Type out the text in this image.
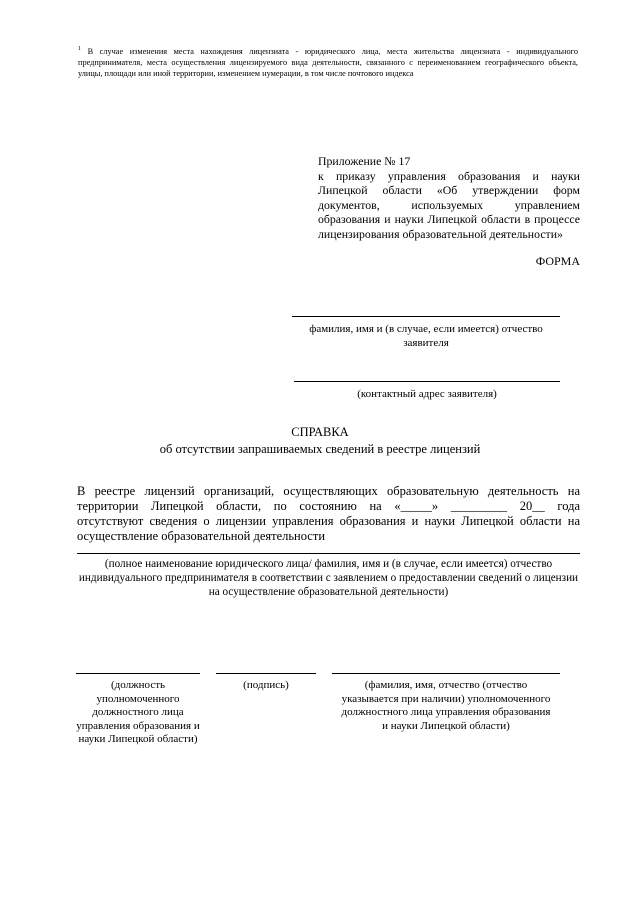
$^1$ В случае изменения места нахождения лицензиата - юридического лица, места жительства лицензиата - индивидуального предпринимателя, места осуществления лицензируемого вида деятельности, связанного с переименованием географического объекта, улицы, площади или иной территории, изменением нумерации, в том числе почтового индекса
Приложение № 17
к приказу управления образования и науки
Липецкой области «Об утверждении форм
документов, используемых управлением
образования и науки Липецкой области в процессе
лицензирования образовательной деятельности»
ФОРМА
фамилия, имя и (в случае, если имеется) отчество заявителя
(контактный адрес заявителя)
СПРАВКА
об отсутствии запрашиваемых сведений в реестре лицензий
В реестре лицензий организаций, осуществляющих образовательную деятельность на
территории Липецкой области, по состоянию на «_____» _________ 20__ года
отсутствуют сведения о лицензии управления образования и науки Липецкой области на
осуществление образовательной деятельности
(полное наименование юридического лица/ фамилия, имя и (в случае, если имеется) отчество индивидуального предпринимателя в соответствии с заявлением о предоставлении сведений о лицензии на осуществление образовательной деятельности)
(должность уполномоченного должностного лица управления образования и науки Липецкой области)
(подпись)	(фамилия, имя, отчество (отчество указывается при наличии) уполномоченного должностного лица управления образования и науки Липецкой области)
